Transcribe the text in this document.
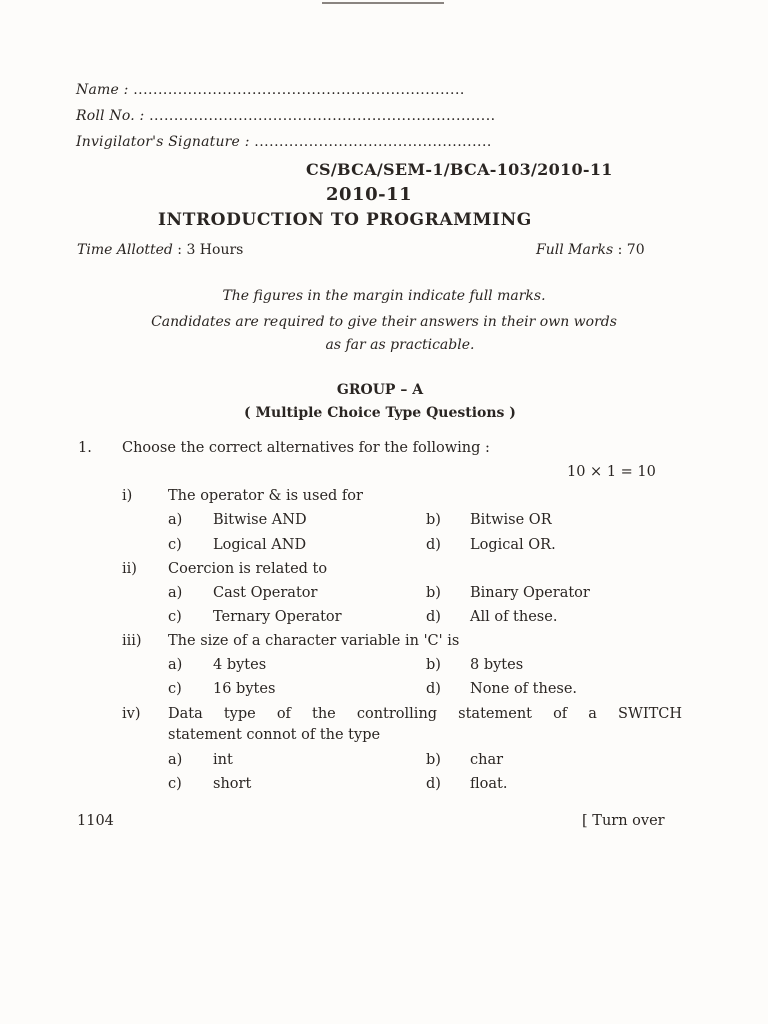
Name : ...................................................................
Roll No. : ......................................................................
Invigilator's Signature : ................................................
CS/BCA/SEM-1/BCA-103/2010-11
2010-11
INTRODUCTION TO PROGRAMMING
Time Allotted : 3 Hours	Full Marks : 70
The figures in the margin indicate full marks.
Candidates are required to give their answers in their own words
as far as practicable.
GROUP – A
( Multiple Choice Type Questions )
1. Choose the correct alternatives for the following :
10 × 1 = 10
i) The operator & is used for
a) Bitwise AND	b) Bitwise OR
c) Logical AND	d) Logical OR.
ii) Coercion is related to
a) Cast Operator	b) Binary Operator
c) Ternary Operator	d) All of these.
iii) The size of a character variable in 'C' is
a) 4 bytes	b) 8 bytes
c) 16 bytes	d) None of these.
iv) Data type of the controlling statement of a SWITCH
statement connot of the type
a) int	b) char
c) short	d) float.
1104	[ Turn over
